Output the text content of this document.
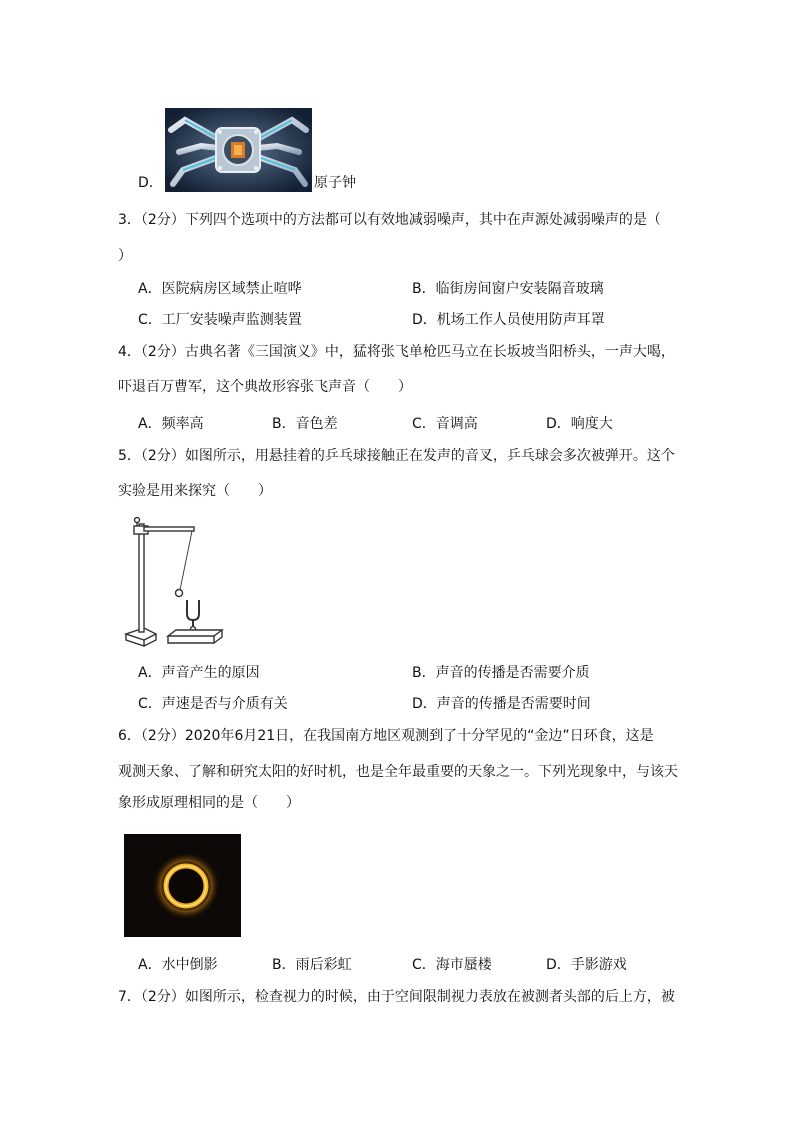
D．	原子钟
3．（2分）下列四个选项中的方法都可以有效地减弱噪声，其中在声源处减弱噪声的是（
）
A．医院病房区域禁止喧哗	B．临街房间窗户安装隔音玻璃
C．工厂安装噪声监测装置	D．机场工作人员使用防声耳罩
4．（2分）古典名著《三国演义》中，猛将张飞单枪匹马立在长坂坡当阳桥头，一声大喝，
吓退百万曹军，这个典故形容张飞声音（　　）
A．频率高	B．音色差	C．音调高	D．响度大
5．（2分）如图所示，用悬挂着的乒乓球接触正在发声的音叉，乒乓球会多次被弹开。这个
实验是用来探究（　　）
A．声音产生的原因	B．声音的传播是否需要介质
C．声速是否与介质有关	D．声音的传播是否需要时间
6．（2分）2020年6月21日，在我国南方地区观测到了十分罕见的“金边”日环食，这是
观测天象、了解和研究太阳的好时机，也是全年最重要的天象之一。下列光现象中，与该天
象形成原理相同的是（　　）
A．水中倒影	B．雨后彩虹	C．海市蜃楼	D．手影游戏
7．（2分）如图所示，检查视力的时候，由于空间限制视力表放在被测者头部的后上方，被
